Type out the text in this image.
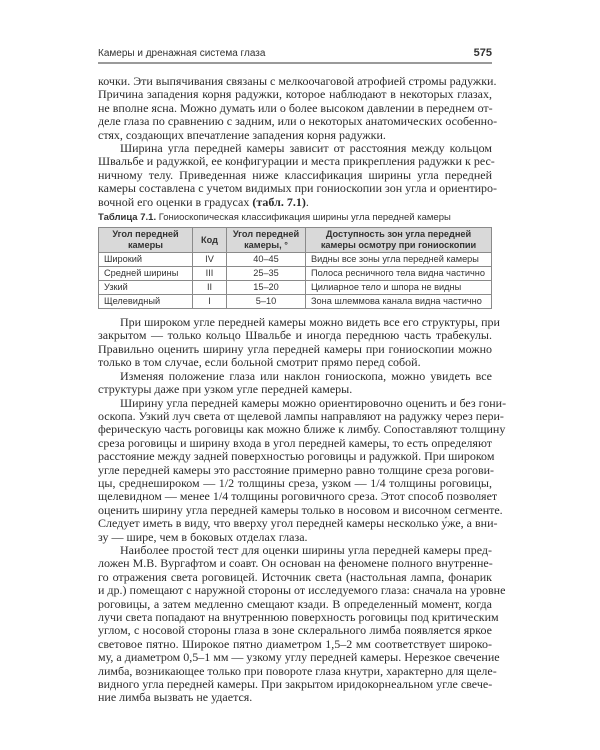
Камеры и дренажная система глаза	575
кочки. Эти выпячивания связаны с мелкоочаговой атрофией стромы радужки.
Причина западения корня радужки, которое наблюдают в некоторых глазах,
не вполне ясна. Можно думать или о более высоком давлении в переднем от-
деле глаза по сравнению с задним, или о некоторых анатомических особенно-
стях, создающих впечатление западения корня радужки.
Ширина угла передней камеры зависит от расстояния между кольцом
Швальбе и радужкой, ее конфигурации и места прикрепления радужки к рес-
ничному телу. Приведенная ниже классификация ширины угла передней
камеры составлена с учетом видимых при гониоскопии зон угла и ориентиро-
вочной его оценки в градусах (табл. 7.1).
Таблица 7.1. Гониоскопическая классификация ширины угла передней камеры
Угол передней камеры	Код	Угол передней камеры, °	Доступность зон угла передней камеры осмотру при гониоскопии
Широкий	IV	40–45	Видны все зоны угла передней камеры
Средней ширины	III	25–35	Полоса ресничного тела видна частично
Узкий	II	15–20	Цилиарное тело и шпора не видны
Щелевидный	I	5–10	Зона шлеммова канала видна частично
При широком угле передней камеры можно видеть все его структуры, при
закрытом — только кольцо Швальбе и иногда переднюю часть трабекулы.
Правильно оценить ширину угла передней камеры при гониоскопии можно
только в том случае, если больной смотрит прямо перед собой.
Изменяя положение глаза или наклон гониоскопа, можно увидеть все
структуры даже при узком угле передней камеры.
Ширину угла передней камеры можно ориентировочно оценить и без гони-
оскопа. Узкий луч света от щелевой лампы направляют на радужку через пери-
ферическую часть роговицы как можно ближе к лимбу. Сопоставляют толщину
среза роговицы и ширину входа в угол передней камеры, то есть определяют
расстояние между задней поверхностью роговицы и радужкой. При широком
угле передней камеры это расстояние примерно равно толщине среза рогови-
цы, среднешироком — 1/2 толщины среза, узком — 1/4 толщины роговицы,
щелевидном — менее 1/4 толщины роговичного среза. Этот способ позволяет
оценить ширину угла передней камеры только в носовом и височном сегменте.
Следует иметь в виду, что вверху угол передней камеры несколько у́же, а вни-
зу — шире, чем в боковых отделах глаза.
Наиболее простой тест для оценки ширины угла передней камеры пред-
ложен М.В. Вургафтом и соавт. Он основан на феномене полного внутренне-
го отражения света роговицей. Источник света (настольная лампа, фонарик
и др.) помещают с наружной стороны от исследуемого глаза: сначала на уровне
роговицы, а затем медленно смещают кзади. В определенный момент, когда
лучи света попадают на внутреннюю поверхность роговицы под критическим
углом, с носовой стороны глаза в зоне склерального лимба появляется яркое
световое пятно. Широкое пятно диаметром 1,5–2 мм соответствует широко-
му, а диаметром 0,5–1 мм — узкому углу передней камеры. Нерезкое свечение
лимба, возникающее только при повороте глаза кнутри, характерно для щеле-
видного угла передней камеры. При закрытом иридокорнеальном угле свече-
ние лимба вызвать не удается.
